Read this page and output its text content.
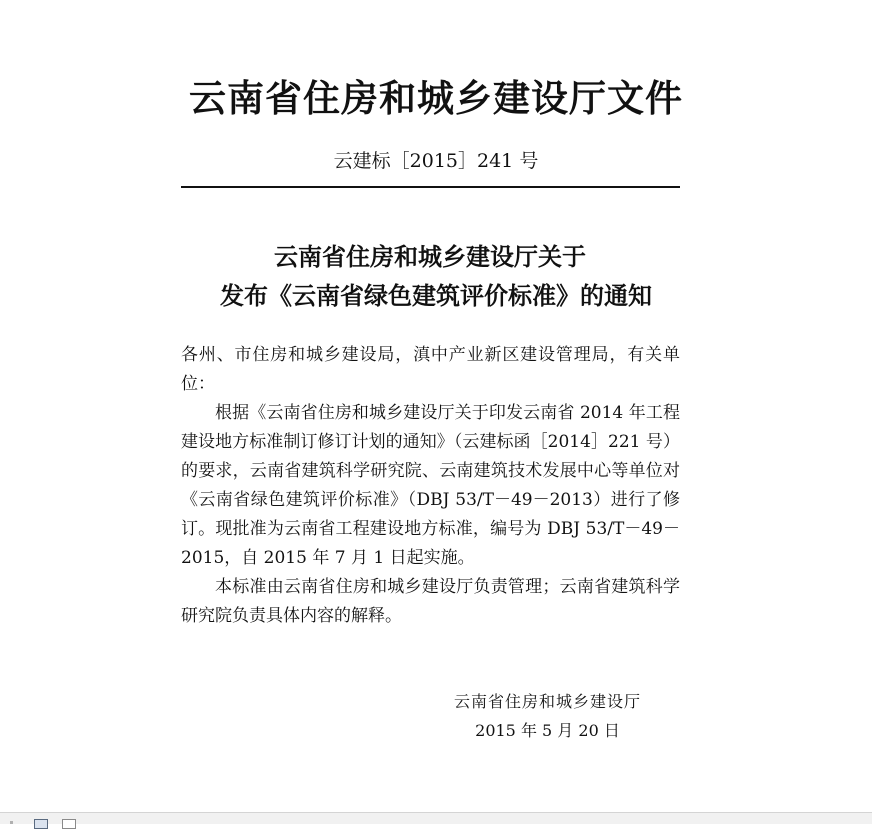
云南省住房和城乡建设厅文件
云建标［2015］241 号
云南省住房和城乡建设厅关于
发布《云南省绿色建筑评价标准》的通知

各州、市住房和城乡建设局，滇中产业新区建设管理局，有关单位：

根据《云南省住房和城乡建设厅关于印发云南省 2014 年工程建设地方标准制订修订计划的通知》（云建标函［2014］221 号）的要求，云南省建筑科学研究院、云南建筑技术发展中心等单位对《云南省绿色建筑评价标准》（DBJ 53/T－49－2013）进行了修订。现批准为云南省工程建设地方标准，编号为 DBJ 53/T－49－2015，自 2015 年 7 月 1 日起实施。

本标准由云南省住房和城乡建设厅负责管理；云南省建筑科学研究院负责具体内容的解释。

云南省住房和城乡建设厅
2015 年 5 月 20 日
